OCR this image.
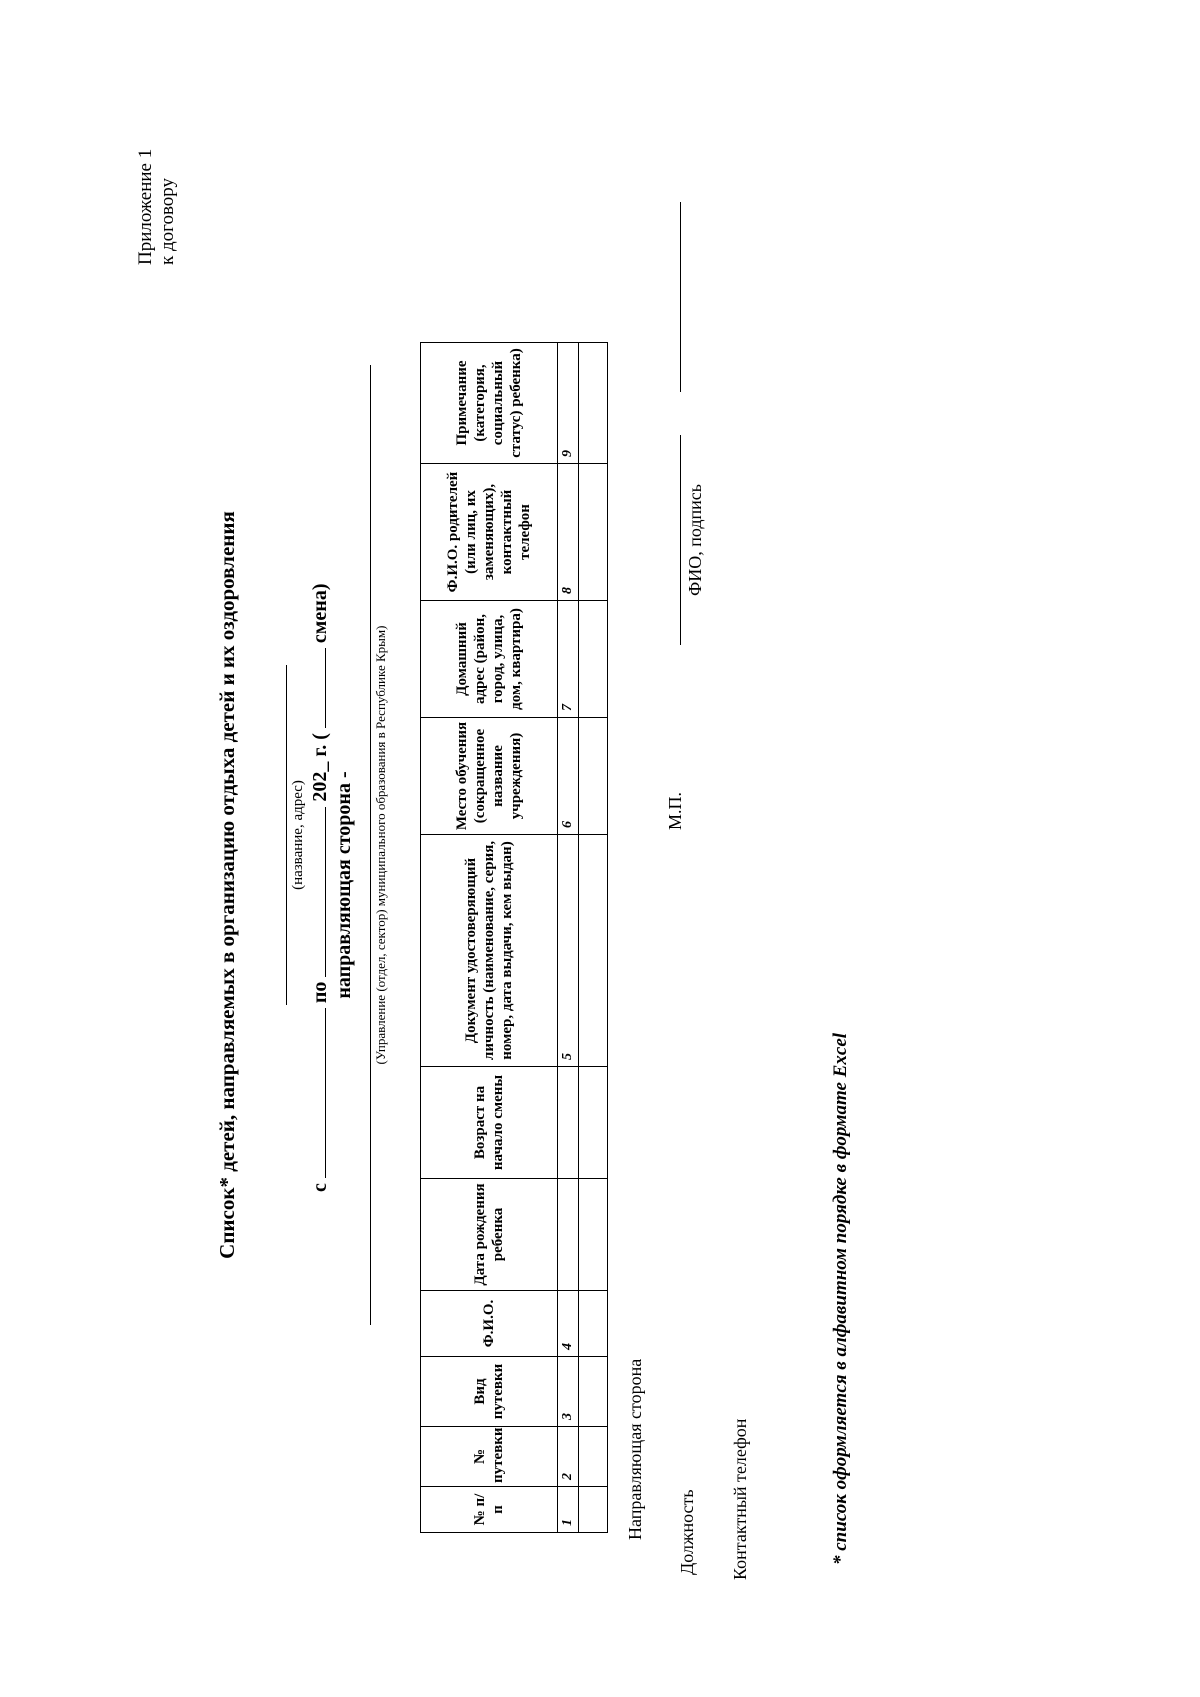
Приложение 1 к договору
Список* детей, направляемых в организацию отдыха детей и их оздоровления	(название, адрес)
с  по  202_ г. (  смена)
направляющая сторона - (Управление (отдел, сектор) муниципального образования в Республике Крым)
№ п/п	№ путевки	Вид путевки	Ф.И.О.	Дата рождения ребенка	Возраст на начало смены	Документ удостоверяющий личность (наименование, серия, номер, дата выдачи, кем выдан)	Место обучения (сокращенное название учреждения)	Домашний адрес (район, город, улица, дом, квартира)	Ф.И.О. родителей (или лиц, их заменяющих), контактный телефон	Примечание (категория, социальный статус) ребенка)
1	2	3	4			5	6	7	8	9

Направляющая сторона Должность Контактный телефон
М.П.
ФИО, подпись
* список оформляется в алфавитном порядке в формате Excel
